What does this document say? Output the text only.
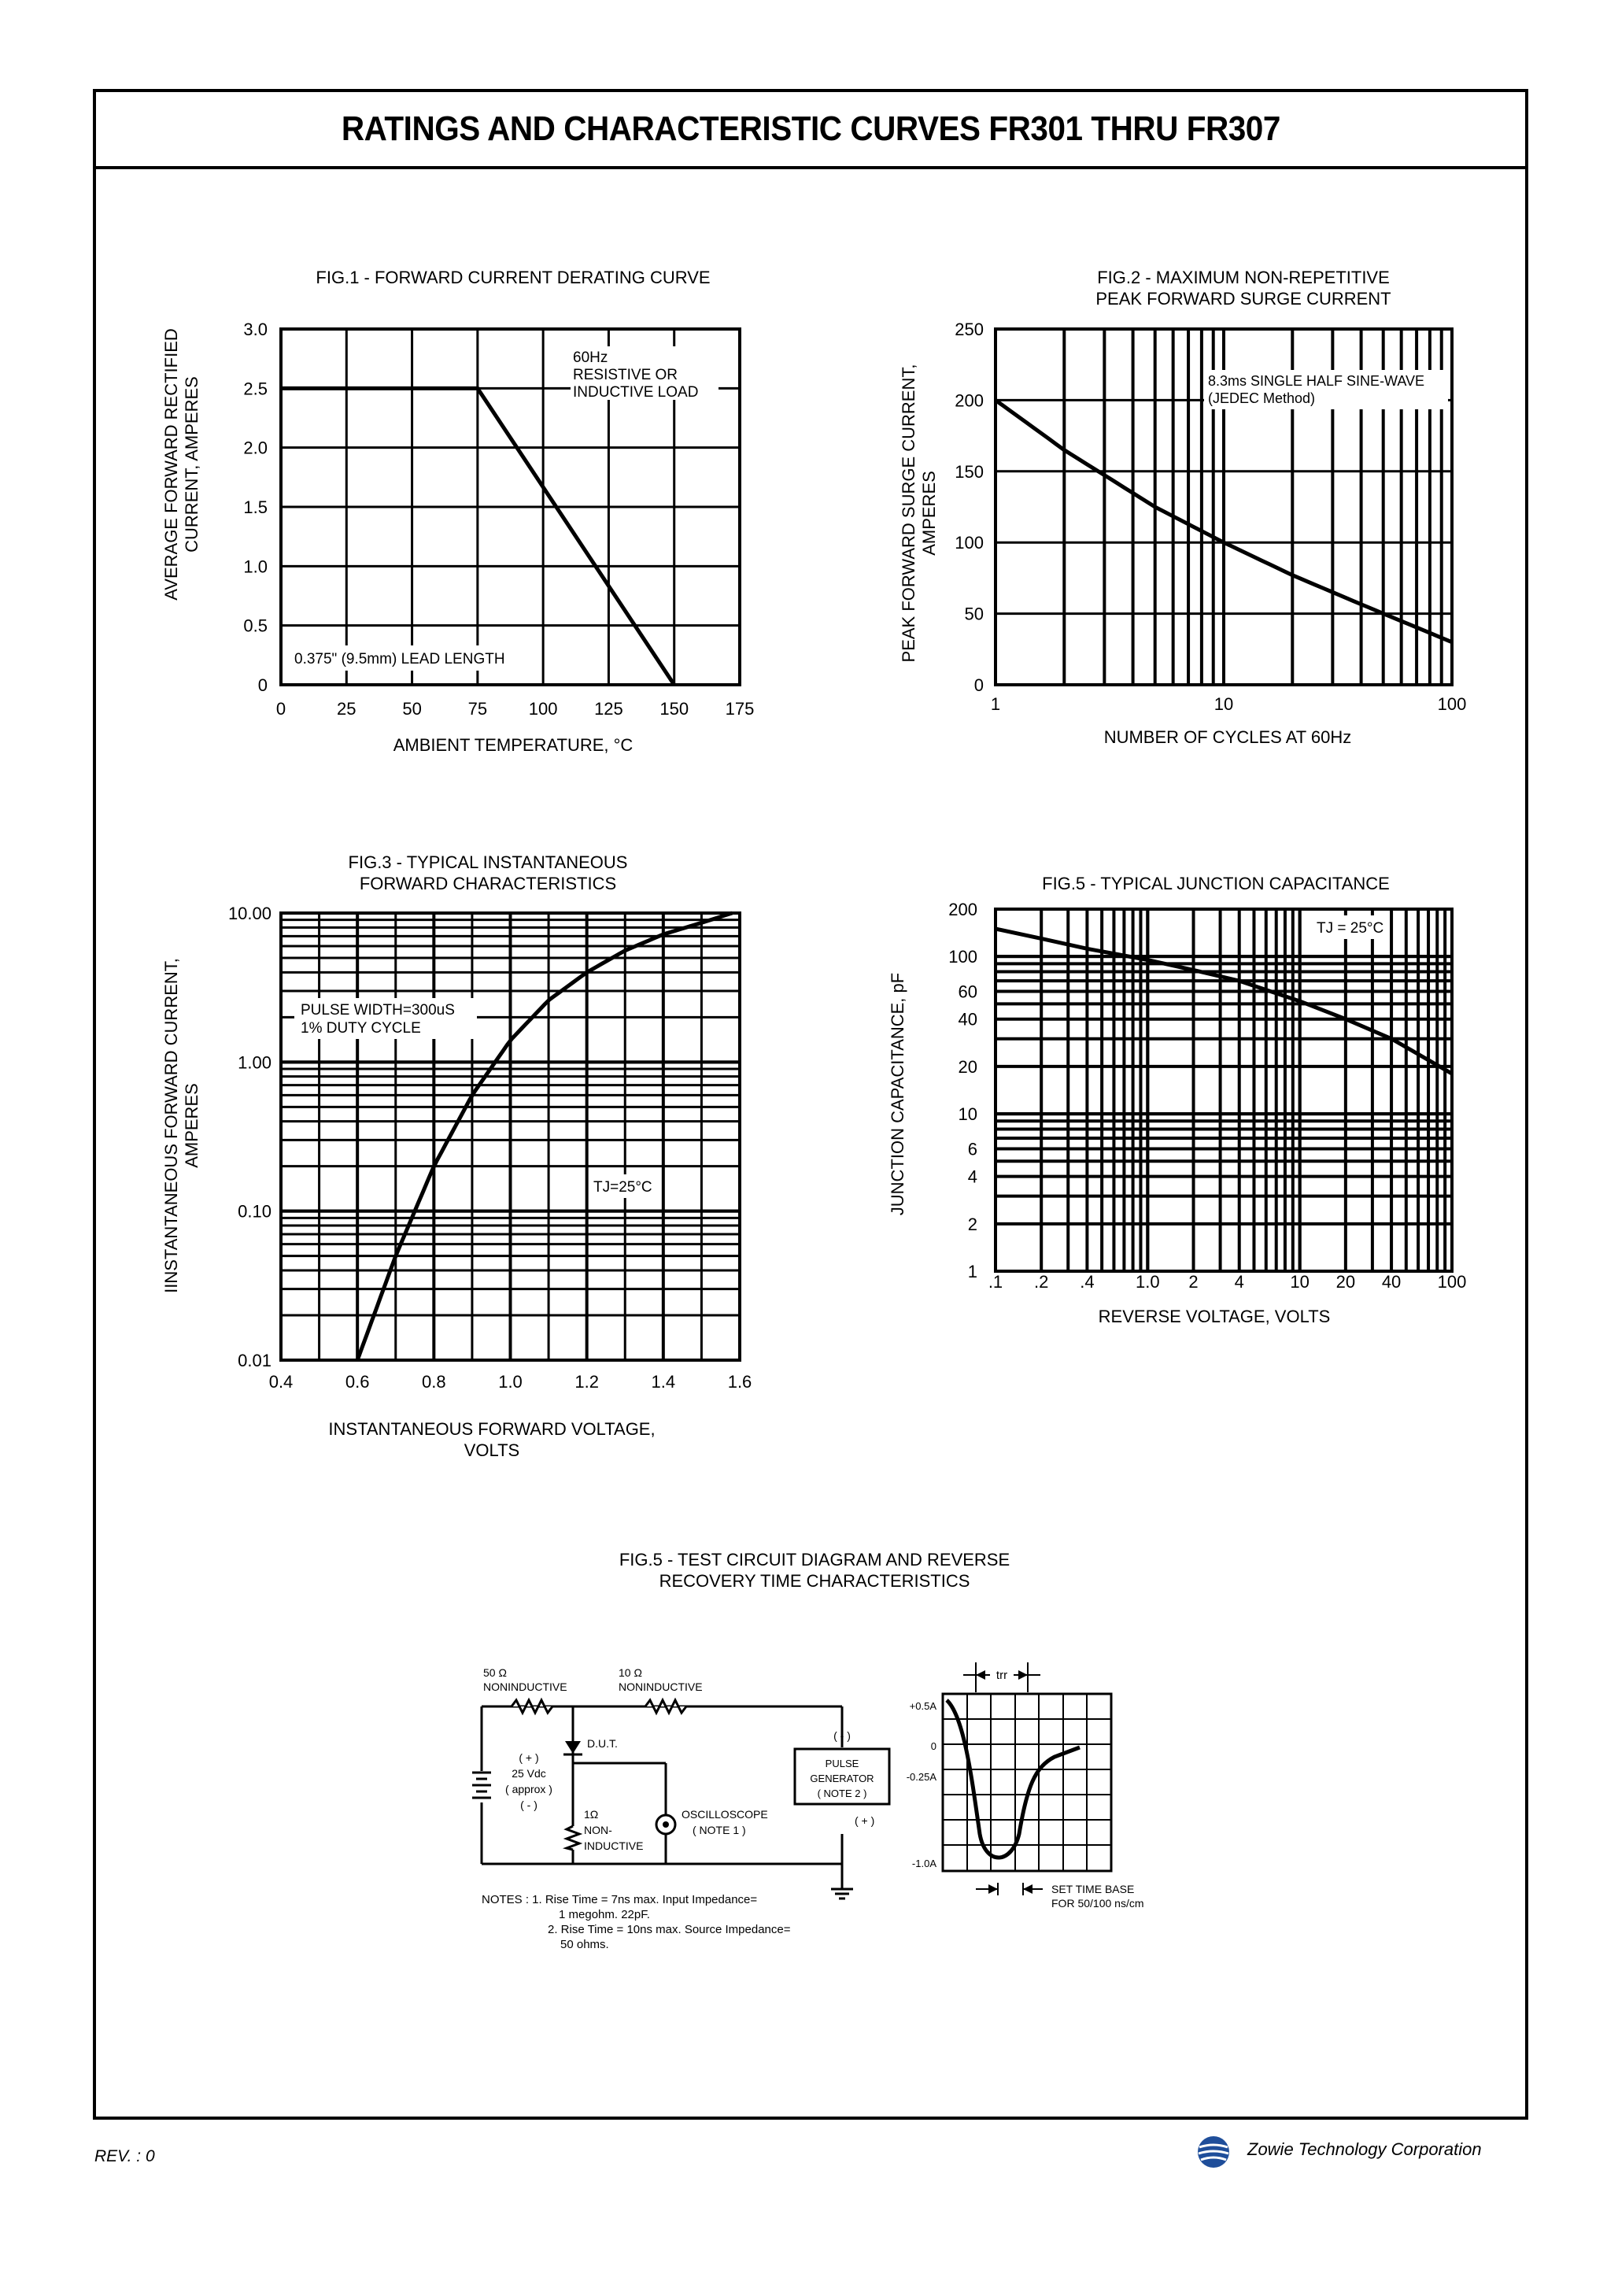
RATINGS AND CHARACTERISTIC CURVES FR301 THRU FR307
FIG.1 - FORWARD CURRENT DERATING CURVE
AVERAGE FORWARD RECTIFIED CURRENT, AMPERES
AMBIENT TEMPERATURE, °C
0	25	50	75 100 125 150 175
0
0.5
1.0
1.5
2.0
2.5
3.0
60Hz
RESISTIVE OR
INDUCTIVE LOAD
0.375" (9.5mm) LEAD LENGTH
FIG.2 - MAXIMUM NON-REPETITIVE
PEAK FORWARD SURGE CURRENT
PEAK FORWARD SURGE CURRENT, AMPERES
NUMBER OF CYCLES AT 60Hz
1	10	100
0
50
100
150
200
250
8.3ms SINGLE HALF SINE-WAVE
(JEDEC Method)
FIG.3 - TYPICAL INSTANTANEOUS
FORWARD CHARACTERISTICS
IINSTANTANEOUS FORWARD CURRENT, AMPERES
INSTANTANEOUS FORWARD VOLTAGE,
VOLTS
0.4	0.6	0.8	1.0	1.2	1.4	1.6
0.01
0.10
1.00
10.00
PULSE WIDTH=300uS
1% DUTY CYCLE
TJ=25°C
FIG.5 - TYPICAL JUNCTION CAPACITANCE
JUNCTION CAPACITANCE, pF
REVERSE VOLTAGE, VOLTS
.1 .2 .4 1.0 2 4	10 20 40 100
1
2
4
6
10
20
40
60
100
200
TJ = 25°C
FIG.5 - TEST CIRCUIT DIAGRAM AND REVERSE
RECOVERY TIME CHARACTERISTICS
50 Ω
NONINDUCTIVE
10 Ω
NONINDUCTIVE
D.U.T.
( + )
25 Vdc
( approx )
( - )
1Ω
NON-
INDUCTIVE
OSCILLOSCOPE
( NOTE 1 )
( - )
PULSE
GENERATOR
( NOTE 2 )
( + )
NOTES : 1. Rise Time = 7ns max. Input Impedance=
1 megohm. 22pF.
2. Rise Time = 10ns max. Source Impedance=
50 ohms.
trr
+0.5A
0
-0.25A
-1.0A
SET TIME BASE
FOR 50/100 ns/cm
REV. : 0	Zowie Technology Corporation
